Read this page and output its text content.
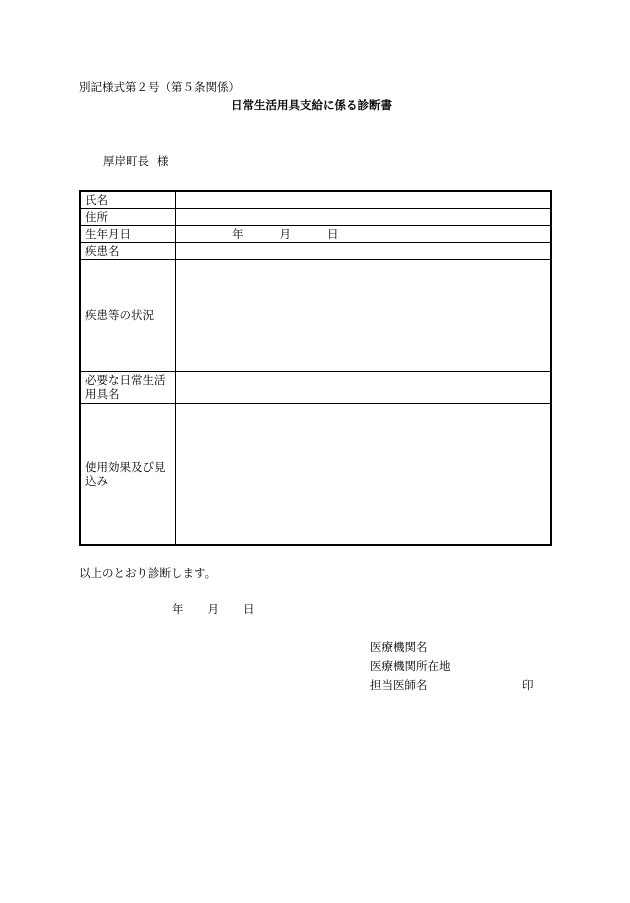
別記様式第２号（第５条関係）
日常生活用具支給に係る診断書
厚岸町長 様
氏名	
住所	
生年月日	年 月 日
疾患名	
疾患等の状況	
必要な日常生活用具名	
使用効果及び見込み	
以上のとおり診断します。
年 月 日
医療機関名
医療機関所在地
担当医師名	印
